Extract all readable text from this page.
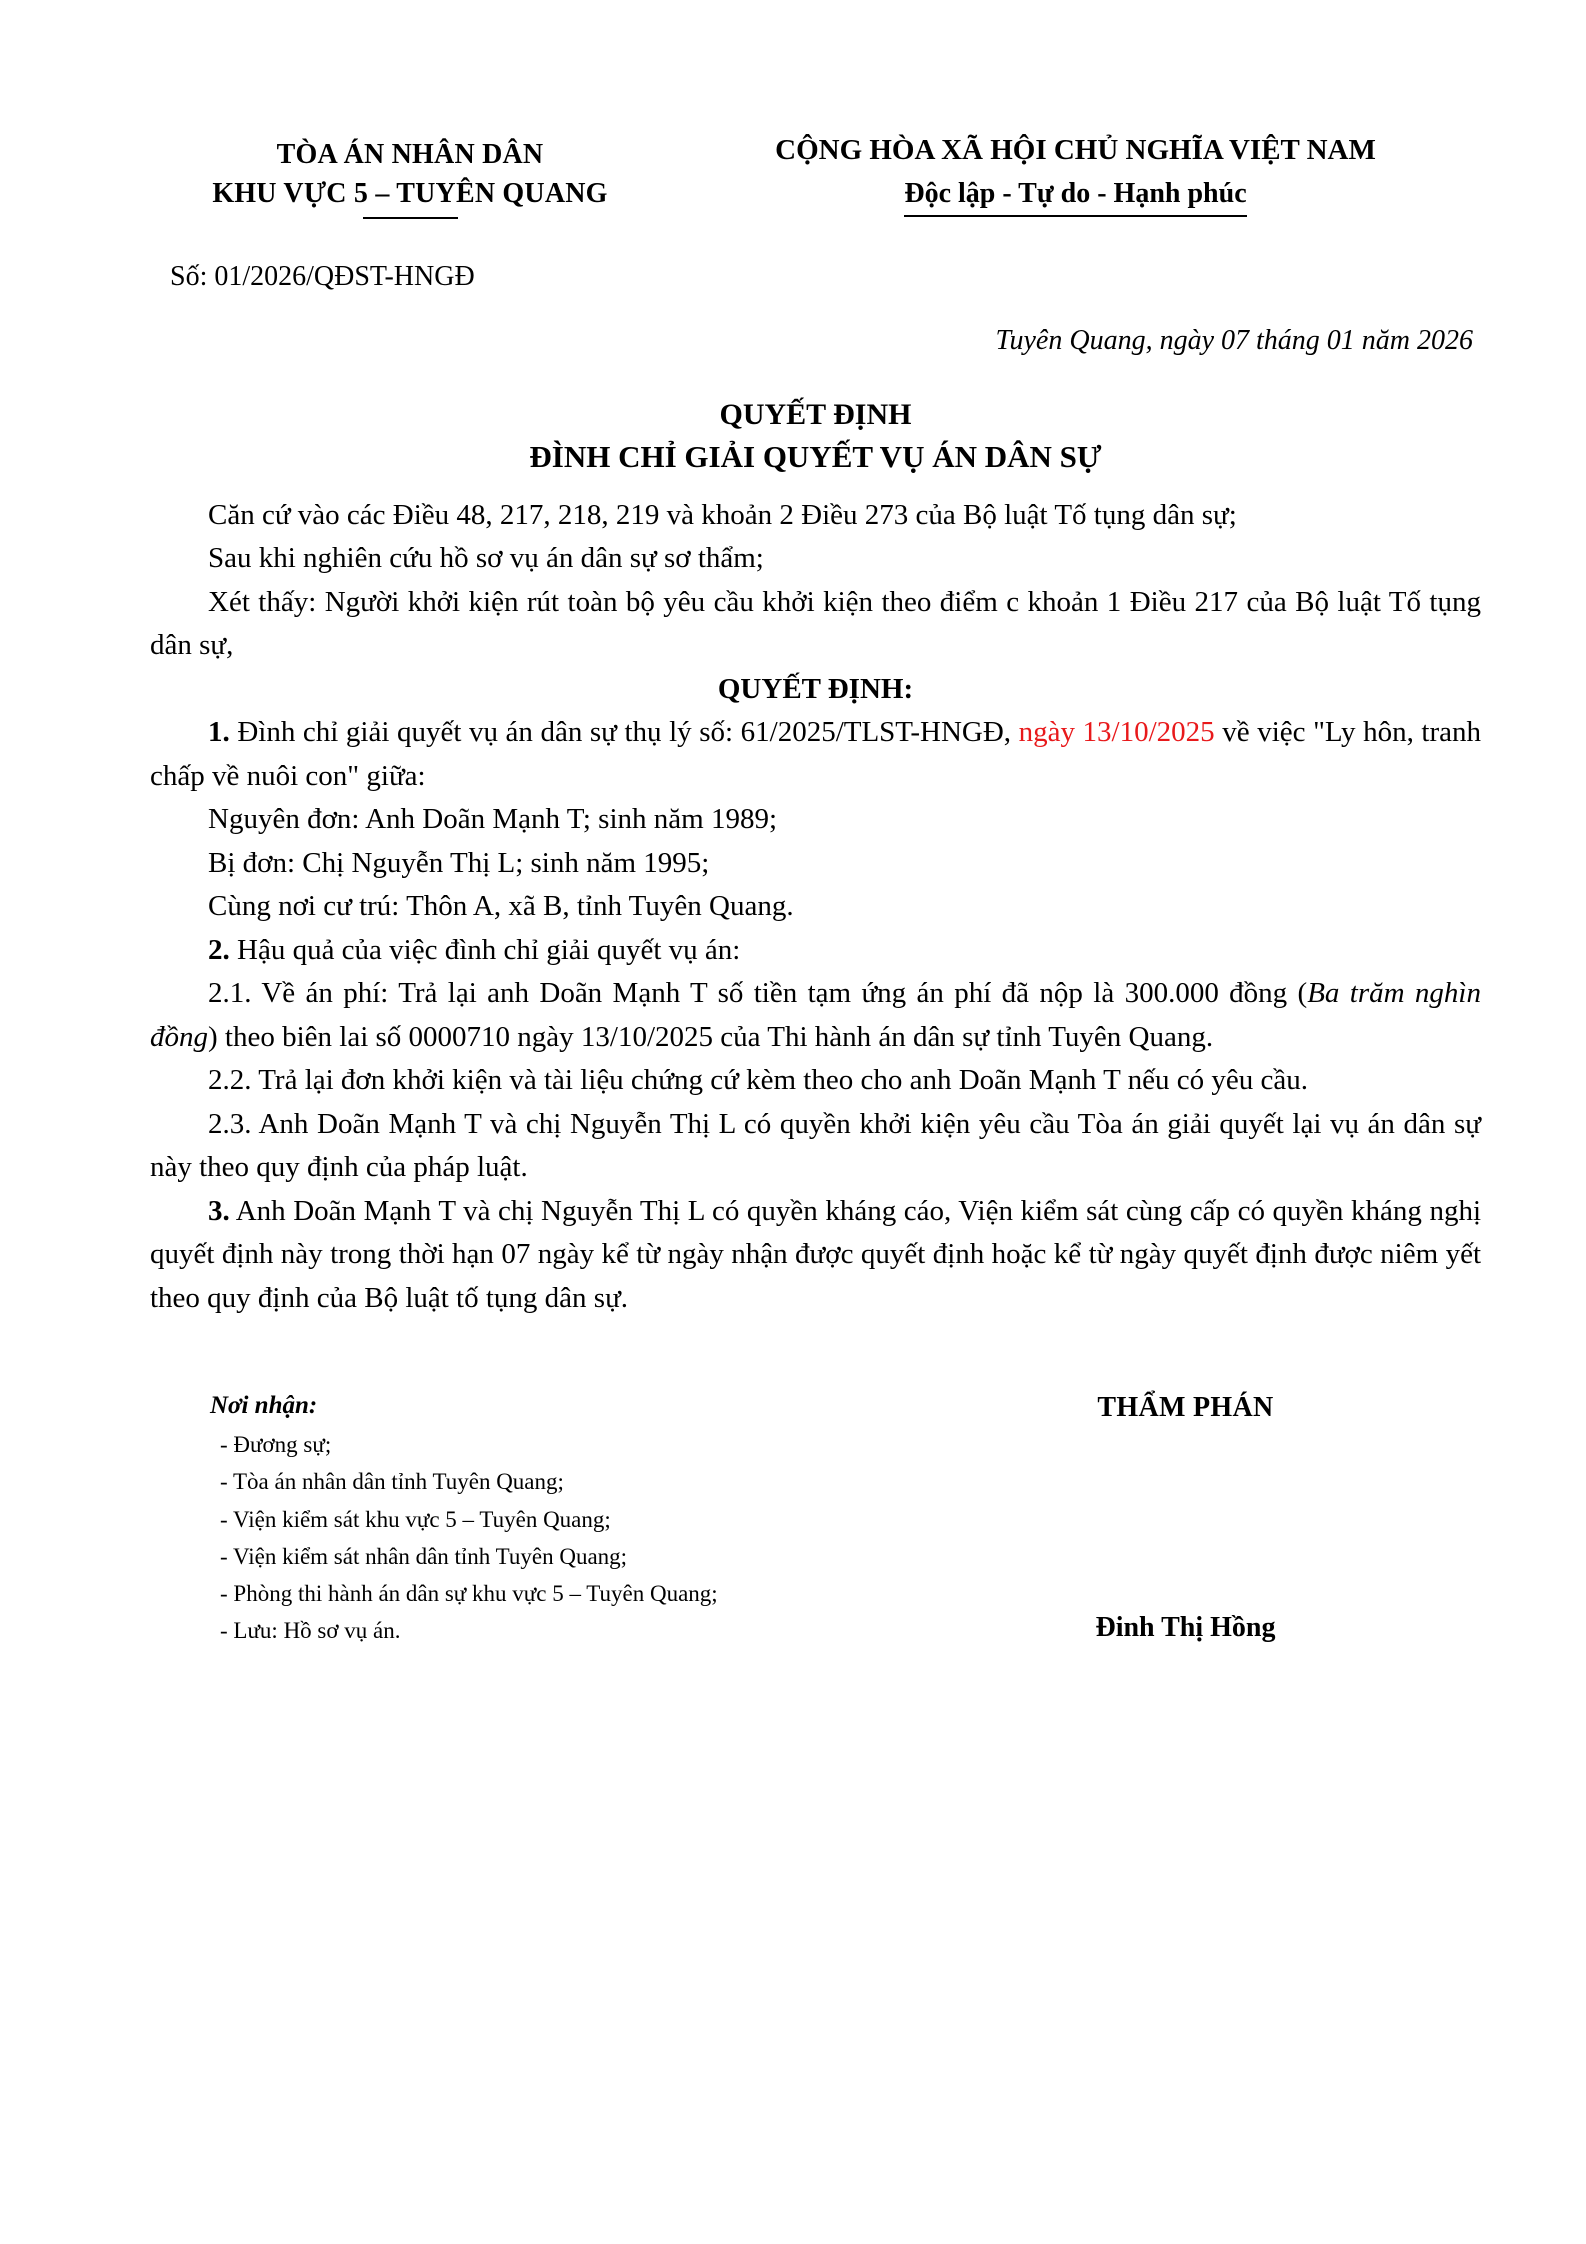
TÒA ÁN NHÂN DÂN
KHU VỰC 5 – TUYÊN QUANG
CỘNG HÒA XÃ HỘI CHỦ NGHĨA VIỆT NAM
Độc lập - Tự do - Hạnh phúc
Số: 01/2026/QĐST-HNGĐ
Tuyên Quang, ngày 07 tháng 01 năm 2026
QUYẾT ĐỊNH
ĐÌNH CHỈ GIẢI QUYẾT VỤ ÁN DÂN SỰ

Căn cứ vào các Điều 48, 217, 218, 219 và khoản 2 Điều 273 của Bộ luật Tố tụng dân sự;

Sau khi nghiên cứu hồ sơ vụ án dân sự sơ thẩm;

Xét thấy: Người khởi kiện rút toàn bộ yêu cầu khởi kiện theo điểm c khoản 1 Điều 217 của Bộ luật Tố tụng dân sự,

QUYẾT ĐỊNH:

1. Đình chỉ giải quyết vụ án dân sự thụ lý số: 61/2025/TLST-HNGĐ, ngày 13/10/2025 về việc "Ly hôn, tranh chấp về nuôi con" giữa:

Nguyên đơn: Anh Doãn Mạnh T; sinh năm 1989;

Bị đơn: Chị Nguyễn Thị L; sinh năm 1995;

Cùng nơi cư trú: Thôn A, xã B, tỉnh Tuyên Quang.

2. Hậu quả của việc đình chỉ giải quyết vụ án:

2.1. Về án phí: Trả lại anh Doãn Mạnh T số tiền tạm ứng án phí đã nộp là 300.000 đồng (Ba trăm nghìn đồng) theo biên lai số 0000710 ngày 13/10/2025 của Thi hành án dân sự tỉnh Tuyên Quang.

2.2. Trả lại đơn khởi kiện và tài liệu chứng cứ kèm theo cho anh Doãn Mạnh T nếu có yêu cầu.

2.3. Anh Doãn Mạnh T và chị Nguyễn Thị L có quyền khởi kiện yêu cầu Tòa án giải quyết lại vụ án dân sự này theo quy định của pháp luật.

3. Anh Doãn Mạnh T và chị Nguyễn Thị L có quyền kháng cáo, Viện kiểm sát cùng cấp có quyền kháng nghị quyết định này trong thời hạn 07 ngày kể từ ngày nhận được quyết định hoặc kể từ ngày quyết định được niêm yết theo quy định của Bộ luật tố tụng dân sự.

Nơi nhận:
- Đương sự;
- Tòa án nhân dân tỉnh Tuyên Quang;
- Viện kiểm sát khu vực 5 – Tuyên Quang;
- Viện kiểm sát nhân dân tỉnh Tuyên Quang;
- Phòng thi hành án dân sự khu vực 5 – Tuyên Quang;
- Lưu: Hồ sơ vụ án.
THẨM PHÁN
Đinh Thị Hồng
